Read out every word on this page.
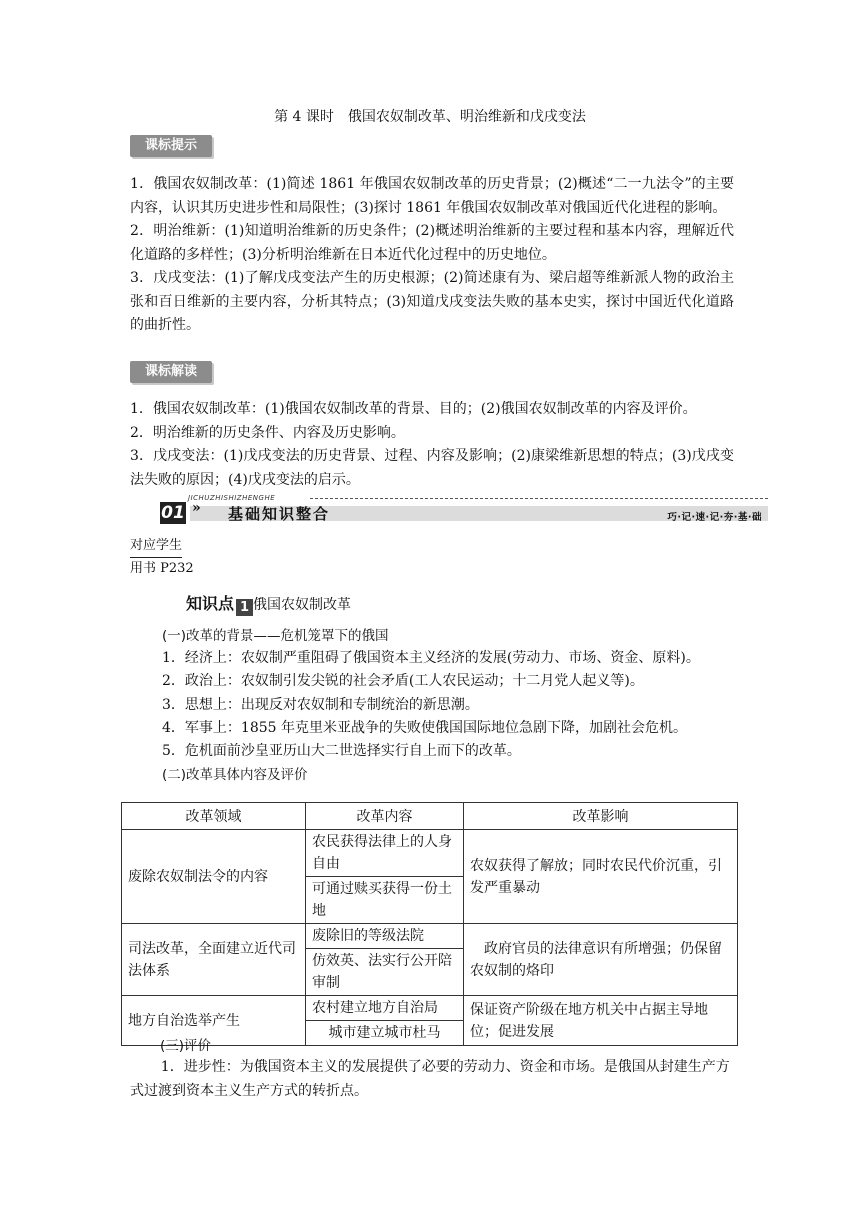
第 4 课时　俄国农奴制改革、明治维新和戊戌变法
课标提示

1．俄国农奴制改革：(1)简述 1861 年俄国农奴制改革的历史背景；(2)概述“二一九法令”的主要内容，认识其历史进步性和局限性；(3)探讨 1861 年俄国农奴制改革对俄国近代化进程的影响。

2．明治维新：(1)知道明治维新的历史条件；(2)概述明治维新的主要过程和基本内容，理解近代化道路的多样性；(3)分析明治维新在日本近代化过程中的历史地位。

3．戊戌变法：(1)了解戊戌变法产生的历史根源；(2)简述康有为、梁启超等维新派人物的政治主张和百日维新的主要内容，分析其特点；(3)知道戊戌变法失败的基本史实，探讨中国近代化道路的曲折性。

课标解读

1．俄国农奴制改革：(1)俄国农奴制改革的背景、目的；(2)俄国农奴制改革的内容及评价。

2．明治维新的历史条件、内容及历史影响。

3．戊戌变法：(1)戊戌变法的历史背景、过程、内容及影响；(2)康梁维新思想的特点；(3)戊戌变法失败的原因；(4)戊戌变法的启示。

JICHUZHISHIZHENGHE
01 » 基础知识整合	巧·记·速·记·夯·基·础
对应学生
用书 P232
知识点 1 俄国农奴制改革
(一)改革的背景——危机笼罩下的俄国

1．经济上：农奴制严重阻碍了俄国资本主义经济的发展(劳动力、市场、资金、原料)。

2．政治上：农奴制引发尖锐的社会矛盾(工人农民运动；十二月党人起义等)。

3．思想上：出现反对农奴制和专制统治的新思潮。

4．军事上：1855 年克里米亚战争的失败使俄国国际地位急剧下降，加剧社会危机。

5．危机面前沙皇亚历山大二世选择实行自上而下的改革。

(二)改革具体内容及评价
改革领域	改革内容	改革影响
废除农奴制法令的内容	农民获得法律上的人身自由	农奴获得了解放；同时农民代价沉重，引发严重暴动
	可通过赎买获得一份土地	
司法改革，全面建立近代司法体系	废除旧的等级法院	政府官员的法律意识有所增强；仍保留农奴制的烙印
	仿效英、法实行公开陪审制	
地方自治选举产生	农村建立地方自治局	保证资产阶级在地方机关中占据主导地位；促进发展
	城市建立城市杜马	
(三)评价

1．进步性：为俄国资本主义的发展提供了必要的劳动力、资金和市场。是俄国从封建生产方式过渡到资本主义生产方式的转折点。
